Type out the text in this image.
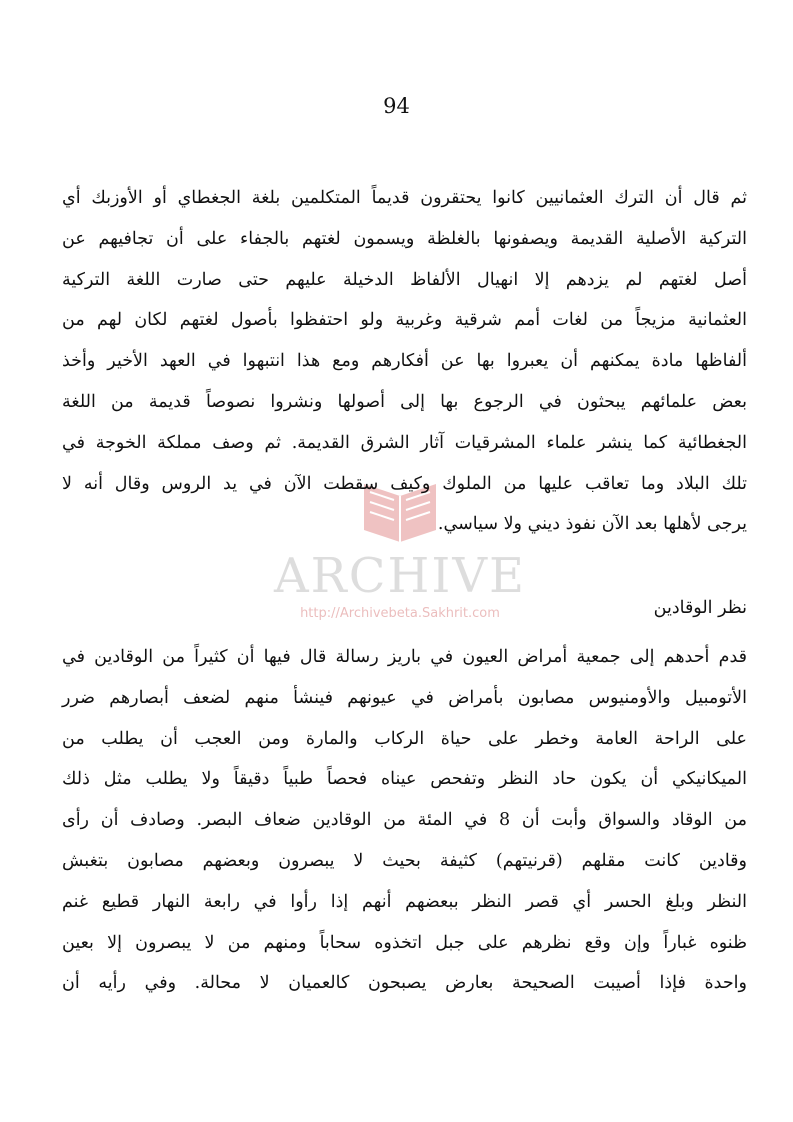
94
ARCHIVE
http://Archivebeta.Sakhrit.com
ثم قال أن الترك العثمانيين كانوا يحتقرون قديماً المتكلمين بلغة الجغطاي أو الأوزبك أي
التركية الأصلية القديمة ويصفونها بالغلظة ويسمون لغتهم بالجفاء على أن تجافيهم عن
أصل لغتهم لم يزدهم إلا انهيال الألفاظ الدخيلة عليهم حتى صارت اللغة التركية
العثمانية مزيجاً من لغات أمم شرقية وغربية ولو احتفظوا بأصول لغتهم لكان لهم من
ألفاظها مادة يمكنهم أن يعبروا بها عن أفكارهم ومع هذا انتبهوا في العهد الأخير وأخذ
بعض علمائهم يبحثون في الرجوع بها إلى أصولها ونشروا نصوصاً قديمة من اللغة
الجغطائية كما ينشر علماء المشرقيات آثار الشرق القديمة. ثم وصف مملكة الخوجة في
تلك البلاد وما تعاقب عليها من الملوك وكيف سقطت الآن في يد الروس وقال أنه لا
يرجى لأهلها بعد الآن نفوذ ديني ولا سياسي.
نظر الوقادين
قدم أحدهم إلى جمعية أمراض العيون في باريز رسالة قال فيها أن كثيراً من الوقادين في
الأتومبيل والأومنيوس مصابون بأمراض في عيونهم فينشأ منهم لضعف أبصارهم ضرر
على الراحة العامة وخطر على حياة الركاب والمارة ومن العجب أن يطلب من
الميكانيكي أن يكون حاد النظر وتفحص عيناه فحصاً طبياً دقيقاً ولا يطلب مثل ذلك
من الوقاد والسواق وأبت أن 8 في المئة من الوقادين ضعاف البصر. وصادف أن رأى
وقادين كانت مقلهم (قرنيتهم) كثيفة بحيث لا يبصرون وبعضهم مصابون بتغبش
النظر وبلغ الحسر أي قصر النظر ببعضهم أنهم إذا رأوا في رابعة النهار قطيع غنم
ظنوه غباراً وإن وقع نظرهم على جبل اتخذوه سحاباً ومنهم من لا يبصرون إلا بعين
واحدة فإذا أصيبت الصحيحة بعارض يصبحون كالعميان لا محالة. وفي رأيه أن
